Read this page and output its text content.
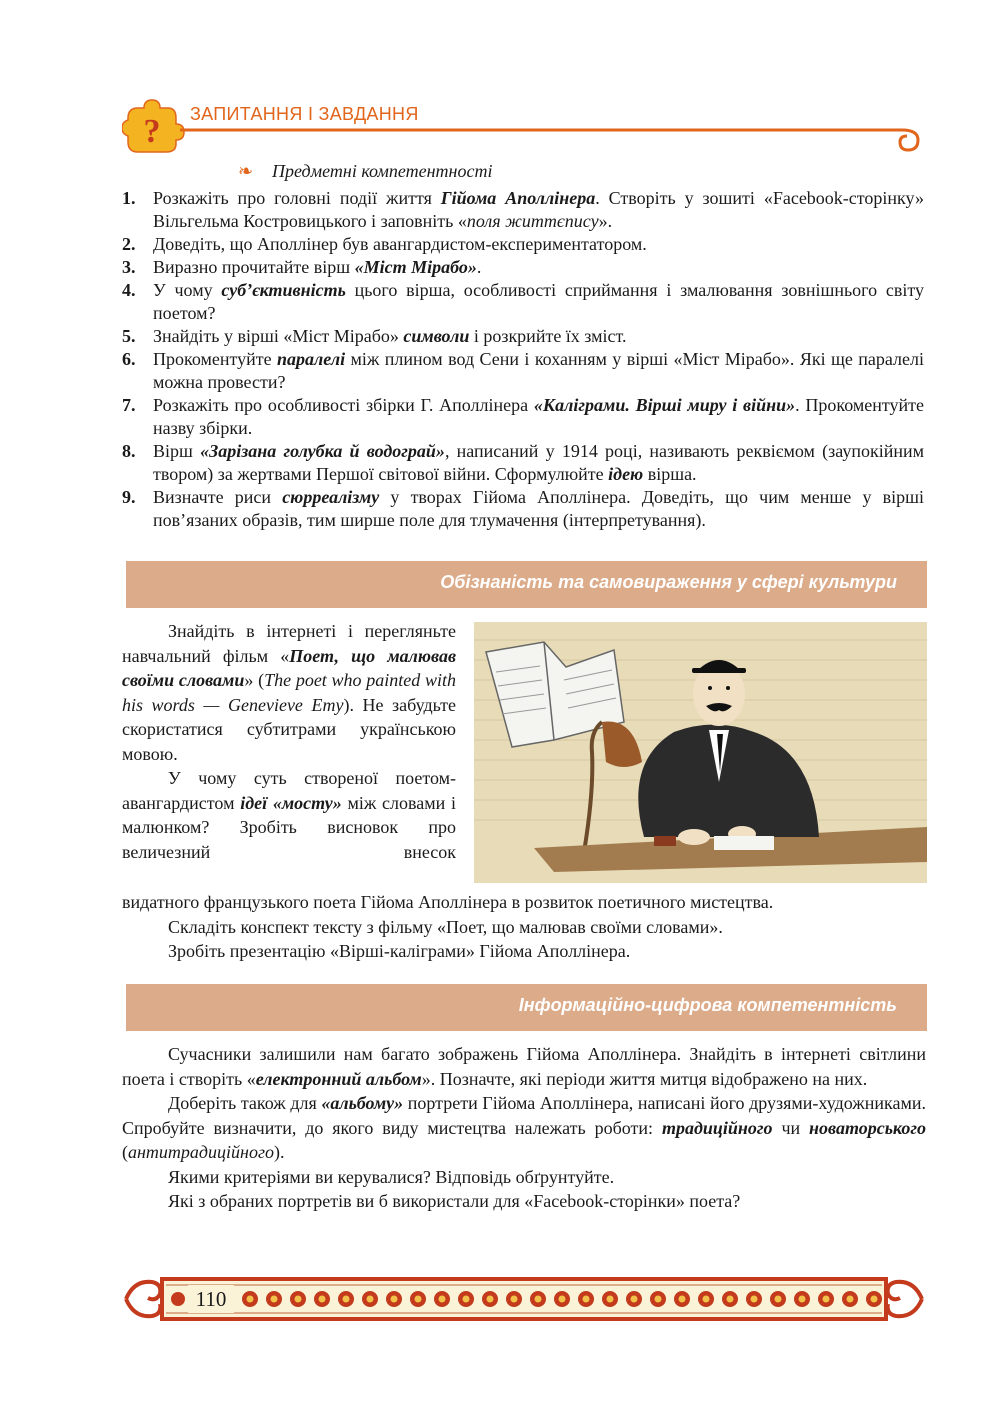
? ЗАПИТАННЯ І ЗАВДАННЯ
❧ Предметні компетентності
1. Розкажіть про головні події життя Гійома Аполлінера. Створіть у зошиті «Facebook-сторінку» Вільгельма Костровицького і заповніть «поля життєпису».
2. Доведіть, що Аполлінер був авангардистом-експериментатором.
3. Виразно прочитайте вірш «Міст Мірабо».
4. У чому суб’єктивність цього вірша, особливості сприймання і змалювання зовнішнього світу поетом?
5. Знайдіть у вірші «Міст Мірабо» символи і розкрийте їх зміст.
6. Прокоментуйте паралелі між плином вод Сени і коханням у вірші «Міст Мірабо». Які ще паралелі можна провести?
7. Розкажіть про особливості збірки Г. Аполлінера «Каліграми. Вірші миру і війни». Прокоментуйте назву збірки.
8. Вірш «Зарізана голубка й водограй», написаний у 1914 році, називають реквіємом (заупокійним твором) за жертвами Першої світової війни. Сформулюйте ідею вірша.
9. Визначте риси сюрреалізму у творах Гійома Аполлінера. Доведіть, що чим менше у вірші пов’язаних образів, тим ширше поле для тлумачення (інтерпретування).
Обізнаність та самовираження у сфері культури
Знайдіть в інтернеті і перегляньте навчальний фільм «Поет, що малював своїми словами» (The poet who painted with his words — Genevieve Emy). Не забудьте скористатися субтитрами українською мовою.
У чому суть створеної поетом-авангардистом ідеї «мосту» між словами і малюнком? Зробіть висновок про величезний внесок
видатного французького поета Гійома Аполлінера в розвиток поетичного мистецтва.
Складіть конспект тексту з фільму «Поет, що малював своїми словами».
Зробіть презентацію «Вірші-каліграми» Гійома Аполлінера.
Інформаційно-цифрова компетентність
Сучасники залишили нам багато зображень Гійома Аполлінера. Знайдіть в інтернеті світлини поета і створіть «електронний альбом». Позначте, які періоди життя митця відображено на них.
Доберіть також для «альбому» портрети Гійома Аполлінера, написані його друзями-художниками. Спробуйте визначити, до якого виду мистецтва належать роботи: традиційного чи новаторського (антитрадиційного).
Якими критеріями ви керувалися? Відповідь обґрунтуйте.
Які з обраних портретів ви б використали для «Facebook-сторінки» поета?
110
